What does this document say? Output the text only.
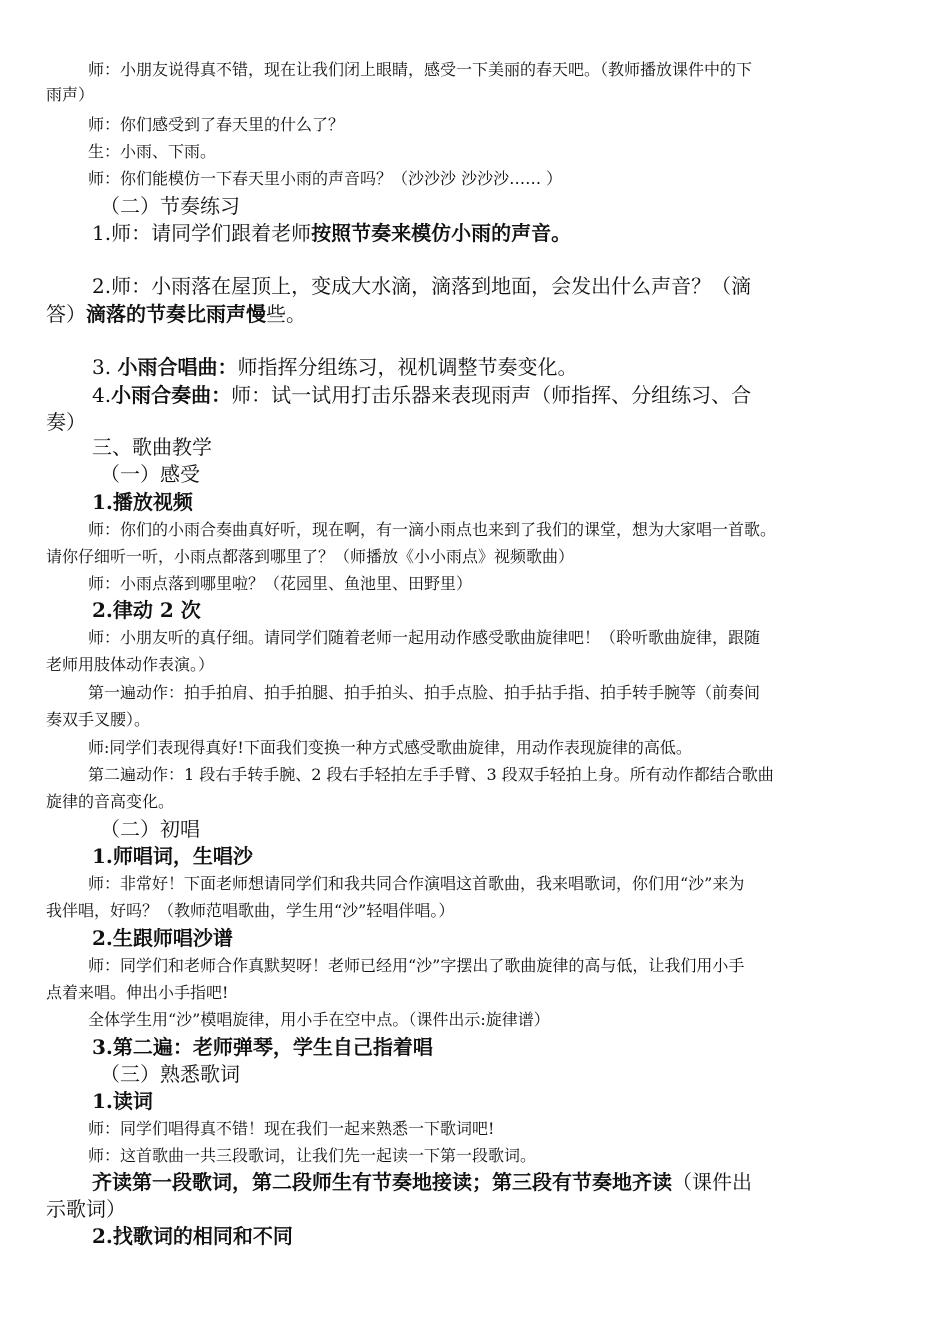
师：小朋友说得真不错，现在让我们闭上眼睛，感受一下美丽的春天吧。（教师播放课件中的下
雨声）
师：你们感受到了春天里的什么了？
生：小雨、下雨。
师：你们能模仿一下春天里小雨的声音吗？（沙沙沙 沙沙沙…… ）
（二）节奏练习
1.师：请同学们跟着老师按照节奏来模仿小雨的声音。
2.师：小雨落在屋顶上，变成大水滴，滴落到地面，会发出什么声音？（滴
答）滴落的节奏比雨声慢些。
3. 小雨合唱曲：师指挥分组练习，视机调整节奏变化。
4.小雨合奏曲：师：试一试用打击乐器来表现雨声（师指挥、分组练习、合
奏）
三、歌曲教学
（一）感受
1.播放视频
师：你们的小雨合奏曲真好听，现在啊，有一滴小雨点也来到了我们的课堂，想为大家唱一首歌。
请你仔细听一听，小雨点都落到哪里了？（师播放《小小雨点》视频歌曲）
师：小雨点落到哪里啦？（花园里、鱼池里、田野里）
2.律动 2 次
师：小朋友听的真仔细。请同学们随着老师一起用动作感受歌曲旋律吧！（聆听歌曲旋律，跟随
老师用肢体动作表演。）
第一遍动作：拍手拍肩、拍手拍腿、拍手拍头、拍手点脸、拍手拈手指、拍手转手腕等（前奏间
奏双手叉腰）。
师:同学们表现得真好!下面我们变换一种方式感受歌曲旋律，用动作表现旋律的高低。
第二遍动作：1 段右手转手腕、2 段右手轻拍左手手臂、3 段双手轻拍上身。所有动作都结合歌曲
旋律的音高变化。
（二）初唱
1.师唱词，生唱沙
师：非常好！下面老师想请同学们和我共同合作演唱这首歌曲，我来唱歌词，你们用“沙”来为
我伴唱，好吗？（教师范唱歌曲，学生用“沙”轻唱伴唱。）
2.生跟师唱沙谱
师：同学们和老师合作真默契呀！老师已经用“沙”字摆出了歌曲旋律的高与低，让我们用小手
点着来唱。伸出小手指吧!
全体学生用“沙”模唱旋律，用小手在空中点。（课件出示:旋律谱）
3.第二遍：老师弹琴，学生自己指着唱
（三）熟悉歌词
1.读词
师：同学们唱得真不错！现在我们一起来熟悉一下歌词吧!
师：这首歌曲一共三段歌词，让我们先一起读一下第一段歌词。
齐读第一段歌词，第二段师生有节奏地接读；第三段有节奏地齐读（课件出
示歌词）
2.找歌词的相同和不同
